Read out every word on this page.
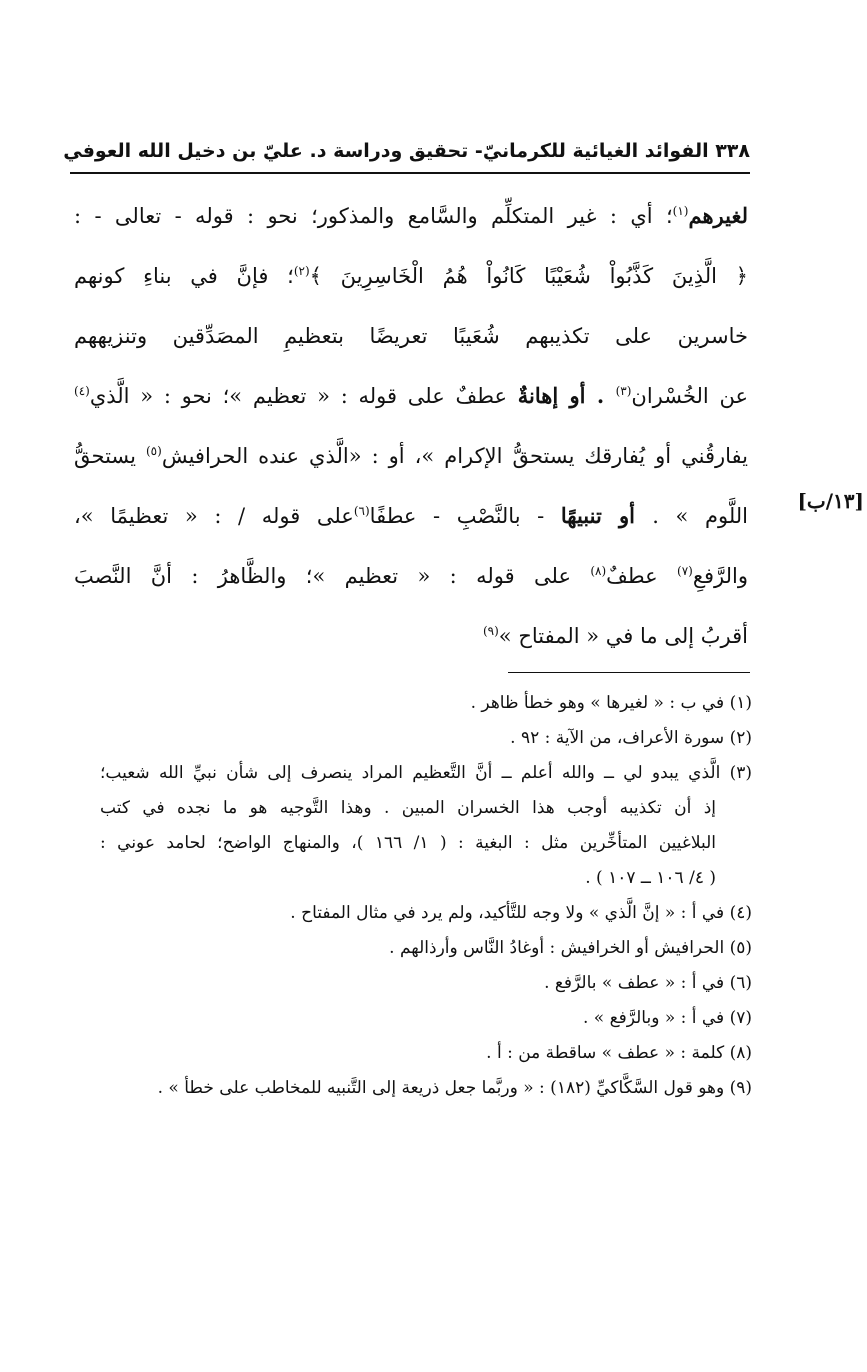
٣٣٨ الفوائد الغيائية للكرمانيّ- تحقيق ودراسة د. عليّ بن دخيل الله العوفي
[١٣/ب]
لغيرهم$^{(١)}$؛ أي : غير المتكلِّم والسَّامع والمذكور؛ نحو : قوله - تعالى - :
﴿ الَّذِينَ كَذَّبُواْ شُعَيْبًا كَانُواْ هُمُ الْخَاسِرِينَ ﴾$^{(٢)}$؛ فإنَّ في بناءِ كونهم
خاسرين على تكذيبهم شُعَيبًا تعريضًا بتعظيمِ المصَدِّقين وتنزيههم
عن الخُسْران$^{(٣)}$ . أو إهانةٌ عطفٌ على قوله : « تعظيم »؛ نحو : « الَّذي$^{(٤)}$
يفارقُني أو يُفارقك يستحقُّ الإكرام »، أو : «الَّذي عنده الحرافيش$^{(٥)}$ يستحقُّ
اللَّوم » . أو تنبيهًا - بالنَّصْبِ - عطفًا$^{(٦)}$على قوله / : « تعظيمًا »،
والرَّفعِ$^{(٧)}$ عطفٌ$^{(٨)}$ على قوله : « تعظيم »؛ والظَّاهرُ : أنَّ النَّصبَ
أقربُ إلى ما في « المفتاح »$^{(٩)}$
(١) في ب : « لغيرها » وهو خطأ ظاهر .
(٢) سورة الأعراف، من الآية : ٩٢ .
(٣) الَّذي يبدو لي ــ والله أعلم ــ أنَّ التَّعظيم المراد ينصرف إلى شأن نبيِّ الله شعيب؛
إذ أن تكذيبه أوجب هذا الخسران المبين . وهذا التَّوجيه هو ما نجده في كتب
البلاغيين المتأخِّرين مثل : البغية : ( ١/ ١٦٦ )، والمنهاج الواضح؛ لحامد عوني :
( ٤/ ١٠٦ ــ ١٠٧ ) .
(٤) في أ : « إنَّ الَّذي » ولا وجه للتَّأكيد، ولم يرد في مثال المفتاح .
(٥) الحرافيش أو الخرافيش : أوغادُ النَّاس وأرذالهم .
(٦) في أ : « عطف » بالرَّفع .
(٧) في أ : « وبالرَّفع » .
(٨) كلمة : « عطف » ساقطة من : أ .
(٩) وهو قول السَّكَّاكيِّ (١٨٢) : « وربَّما جعل ذريعة إلى التَّنبيه للمخاطب على خطأ » .
